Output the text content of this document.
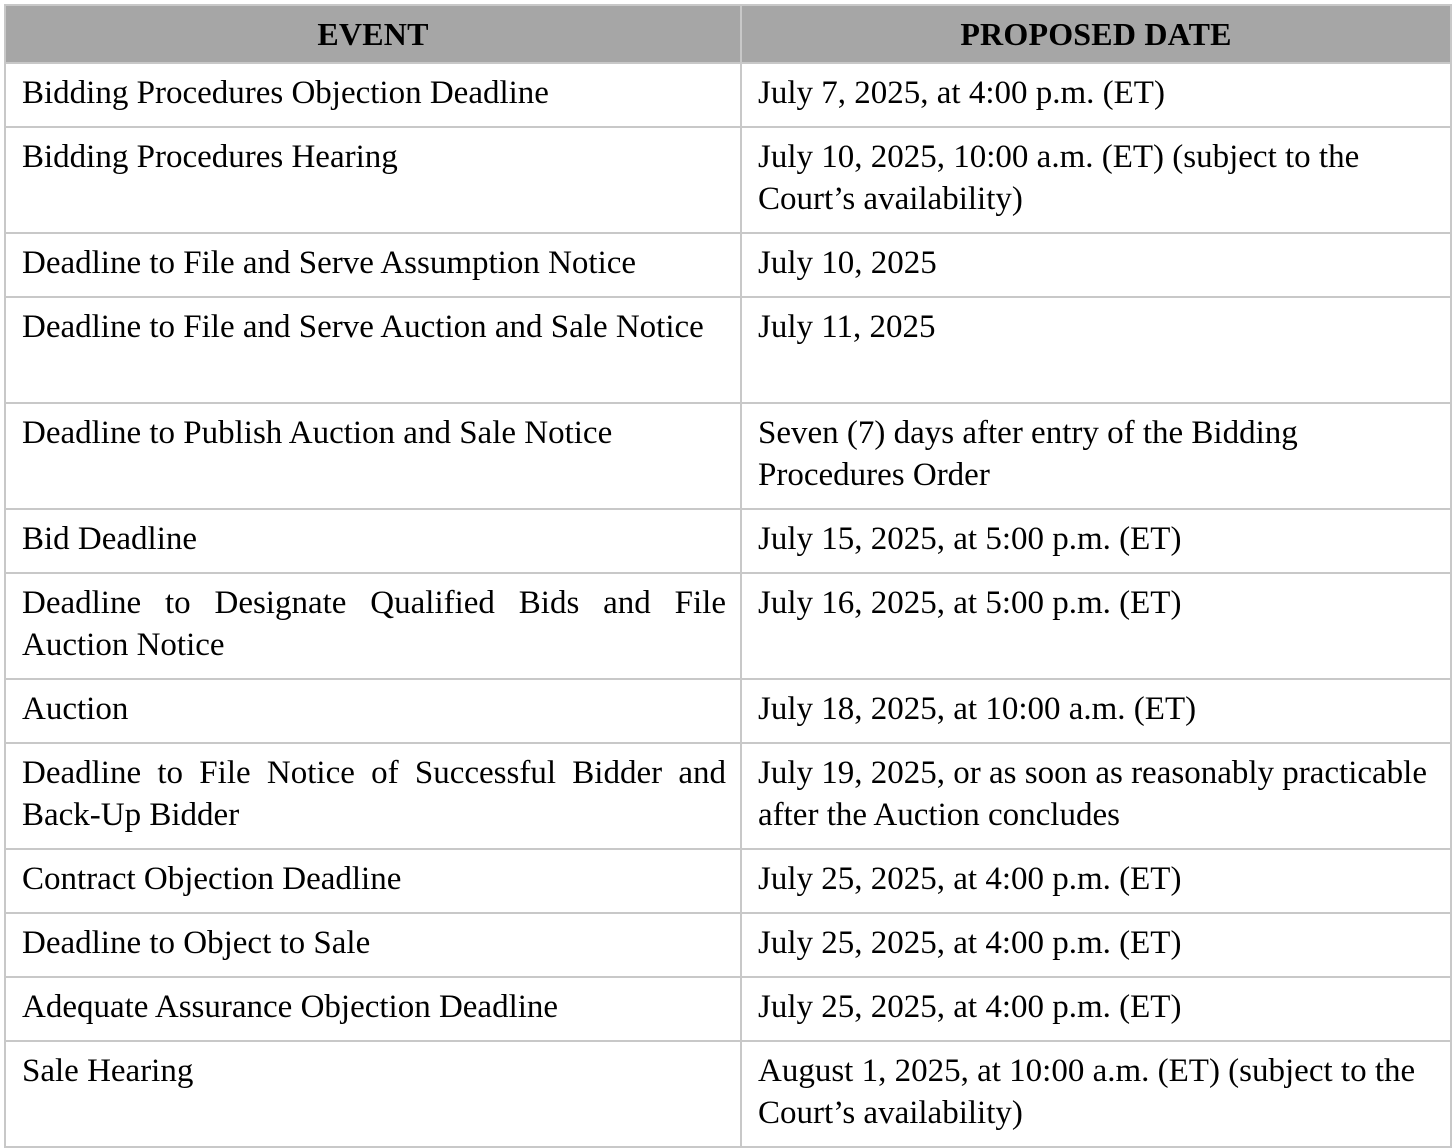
EVENT	PROPOSED DATE
Bidding Procedures Objection Deadline	July 7, 2025, at 4:00 p.m. (ET)
Bidding Procedures Hearing	July 10, 2025, 10:00 a.m. (ET) (subject to the Court’s availability)
Deadline to File and Serve Assumption Notice	July 10, 2025
Deadline to File and Serve Auction and Sale Notice	July 11, 2025
Deadline to Publish Auction and Sale Notice	Seven (7) days after entry of the Bidding Procedures Order
Bid Deadline	July 15, 2025, at 5:00 p.m. (ET)
Deadline to Designate Qualified Bids and File Auction Notice	July 16, 2025, at 5:00 p.m. (ET)
Auction	July 18, 2025, at 10:00 a.m. (ET)
Deadline to File Notice of Successful Bidder and Back-Up Bidder	July 19, 2025, or as soon as reasonably practicable after the Auction concludes
Contract Objection Deadline	July 25, 2025, at 4:00 p.m. (ET)
Deadline to Object to Sale	July 25, 2025, at 4:00 p.m. (ET)
Adequate Assurance Objection Deadline	July 25, 2025, at 4:00 p.m. (ET)
Sale Hearing	August 1, 2025, at 10:00 a.m. (ET) (subject to the Court’s availability)
